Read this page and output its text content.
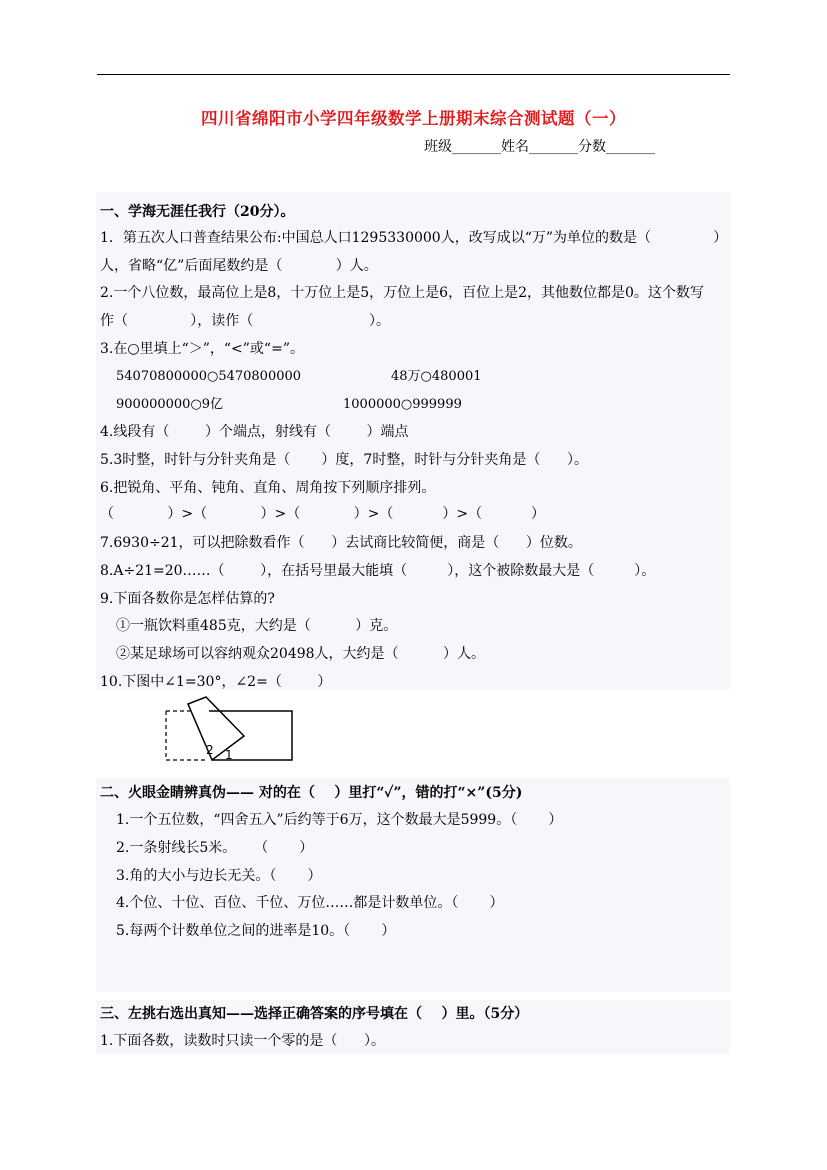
四川省绵阳市小学四年级数学上册期末综合测试题（一）
班级_______姓名_______分数_______
一、学海无涯任我行（20分）。
1．第五次人口普查结果公布:中国总人口1295330000人，改写成以“万”为单位的数是（              ）
人，省略“亿”后面尾数约是（            ）人。
2.一个八位数，最高位上是8，十万位上是5，万位上是6，百位上是2，其他数位都是0。这个数写
作（              ），读作（                          ）。
3.在○里填上“＞”，“<”或“=”。
54070800000○5470800000	48万○480001
900000000○9亿	1000000○999999
4.线段有（        ）个端点，射线有（        ）端点
5.3时整，时针与分针夹角是（       ）度，7时整，时针与分针夹角是（      ）。
6.把锐角、平角、钝角、直角、周角按下列顺序排列。
（            ）>（            ）>（            ）>（           ）>（           ）
7.6930÷21，可以把除数看作（      ）去试商比较简便，商是（      ）位数。
8.A÷21=20……（        ），在括号里最大能填（         ），这个被除数最大是（         ）。
9.下面各数你是怎样估算的?
①一瓶饮料重485克，大约是（          ）克。
②某足球场可以容纳观众20498人，大约是（          ）人。
10.下图中∠1=30°，∠2=（        ）
2 1
二、火眼金睛辨真伪—— 对的在（    ）里打“✓”，错的打“×”(5分)
1.一个五位数，“四舍五入”后约等于6万，这个数最大是5999。（       ）
2.一条射线长5米。    （       ）
3.角的大小与边长无关。（       ）
4.个位、十位、百位、千位、万位……都是计数单位。（       ）
5.每两个计数单位之间的进率是10。（       ）
三、左挑右选出真知——选择正确答案的序号填在（    ）里。（5分）
1.下面各数，读数时只读一个零的是（      ）。
